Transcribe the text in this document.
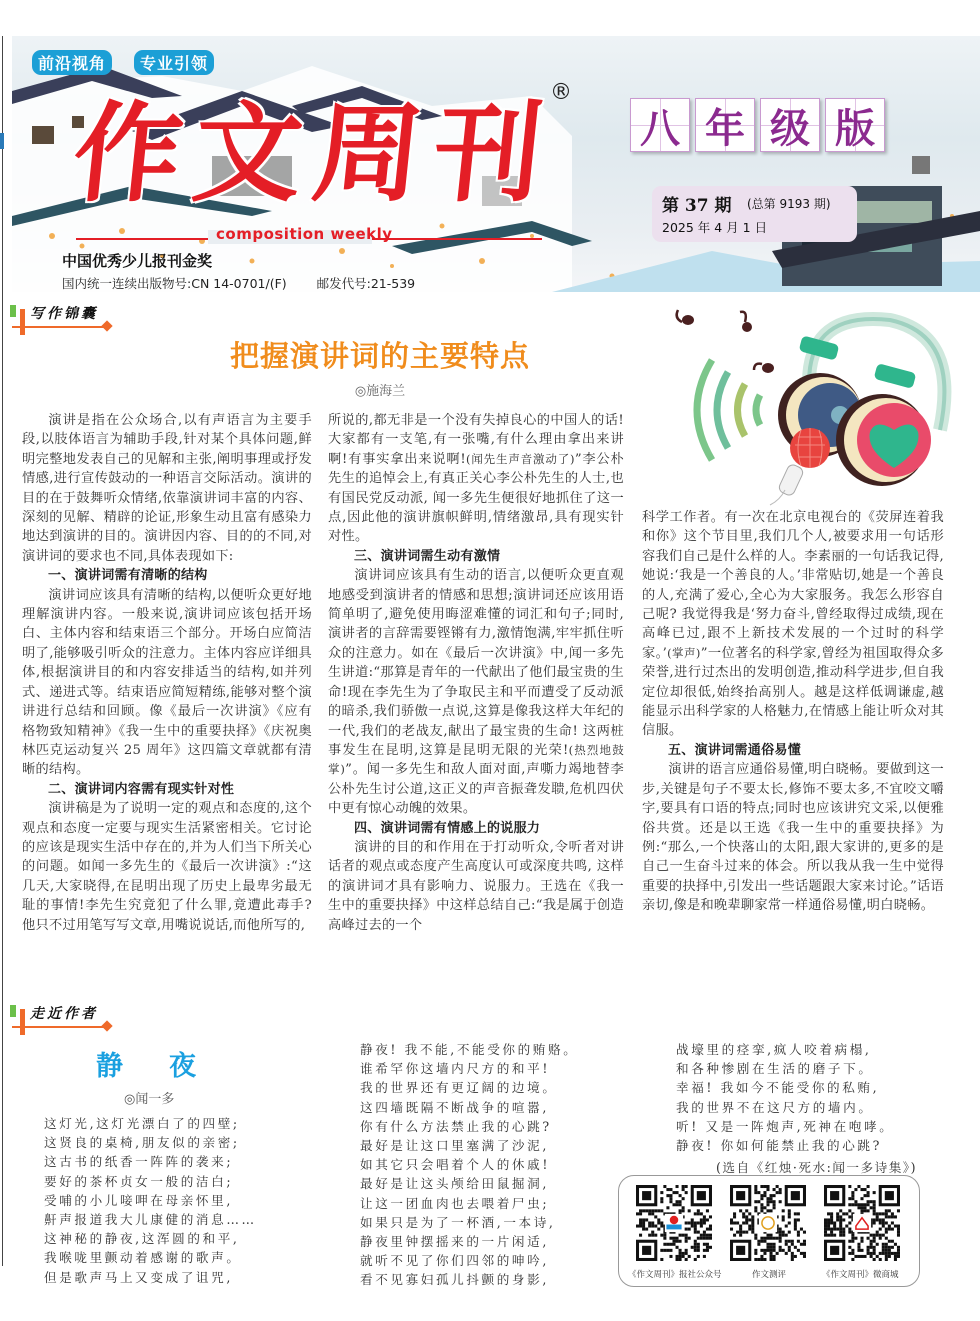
前沿视角	专业引领
作文周刊
®
composition weekly
中国优秀少儿报刊金奖
国内统一连续出版物号:CN 14-0701/(F) 邮发代号:21-539
八 年 级 版
第 37 期 (总第 9193 期)
2025 年 4 月 1 日
写作锦囊
把握演讲词的主要特点
◎施海兰

演讲是指在公众场合,以有声语言为主要手段,以肢体语言为辅助手段,针对某个具体问题,鲜明完整地发表自己的见解和主张,阐明事理或抒发情感,进行宣传鼓动的一种语言交际活动。演讲的目的在于鼓舞听众情绪,依靠演讲词丰富的内容、深刻的见解、精辟的论证,形象生动且富有感染力地达到演讲的目的。演讲因内容、目的的不同,对演讲词的要求也不同,具体表现如下:

一、演讲词需有清晰的结构

演讲词应该具有清晰的结构,以便听众更好地理解演讲内容。一般来说,演讲词应该包括开场白、主体内容和结束语三个部分。开场白应简洁明了,能够吸引听众的注意力。主体内容应详细具体,根据演讲目的和内容安排适当的结构,如并列式、递进式等。结束语应简短精练,能够对整个演讲进行总结和回顾。像《最后一次讲演》《应有格物致知精神》《我一生中的重要抉择》《庆祝奥林匹克运动复兴 25 周年》这四篇文章就都有清晰的结构。

二、演讲词内容需有现实针对性

演讲稿是为了说明一定的观点和态度的,这个观点和态度一定要与现实生活紧密相关。它讨论的应该是现实生活中存在的,并为人们当下所关心的问题。如闻一多先生的《最后一次讲演》:“这几天,大家晓得,在昆明出现了历史上最卑劣最无耻的事情!李先生究竟犯了什么罪,竟遭此毒手? 他只不过用笔写写文章,用嘴说说话,而他所写的,

所说的,都无非是一个没有失掉良心的中国人的话!大家都有一支笔,有一张嘴,有什么理由拿出来讲啊!有事实拿出来说啊!(闻先生声音激动了)”李公朴先生的追悼会上,有真正关心李公朴先生的人士,也有国民党反动派, 闻一多先生便很好地抓住了这一点,因此他的演讲旗帜鲜明,情绪激昂,具有现实针对性。

三、演讲词需生动有激情

演讲词应该具有生动的语言,以便听众更直观地感受到演讲者的情感和思想;演讲词还应该用语简单明了,避免使用晦涩难懂的词汇和句子;同时,演讲者的言辞需要铿锵有力,激情饱满,牢牢抓住听众的注意力。如在《最后一次讲演》中,闻一多先生讲道:“那算是青年的一代献出了他们最宝贵的生命!现在李先生为了争取民主和平而遭受了反动派的暗杀,我们骄傲一点说,这算是像我这样大年纪的一代,我们的老战友,献出了最宝贵的生命! 这两桩事发生在昆明,这算是昆明无限的光荣!(热烈地鼓掌)”。闻一多先生和敌人面对面,声嘶力竭地替李公朴先生讨公道,这正义的声音振聋发聩,危机四伏中更有惊心动魄的效果。

四、演讲词需有情感上的说服力

演讲的目的和作用在于打动听众,令听者对讲话者的观点或态度产生高度认可或深度共鸣, 这样的演讲词才具有影响力、说服力。王选在《我一生中的重要抉择》中这样总结自己:“我是属于创造高峰过去的一个

科学工作者。有一次在北京电视台的《荧屏连着我和你》这个节目里,我们几个人,被要求用一句话形容我们自己是什么样的人。李素丽的一句话我记得,她说:‘我是一个善良的人。’非常贴切,她是一个善良的人,充满了爱心,全心为大家服务。我怎么形容自己呢? 我觉得我是‘努力奋斗,曾经取得过成绩,现在高峰已过,跟不上新技术发展的一个过时的科学家。’(掌声)”一位著名的科学家,曾经为祖国取得众多荣誉,进行过杰出的发明创造,推动科学进步,但自我定位却很低,始终抬高别人。越是这样低调谦虚,越能显示出科学家的人格魅力,在情感上能让听众对其信服。

五、演讲词需通俗易懂

演讲的语言应通俗易懂,明白晓畅。要做到这一步,关键是句子不要太长,修饰不要太多,不宜咬文嚼字,要具有口语的特点;同时也应该讲究文采,以便雅俗共赏。还是以王选《我一生中的重要抉择》为例:“那么,一个快落山的太阳,跟大家讲的,更多的是自己一生奋斗过来的体会。所以我从我一生中觉得重要的抉择中,引发出一些话题跟大家来讨论。”话语亲切,像是和晚辈聊家常一样通俗易懂,明白晓畅。

走近作者
静夜
◎闻一多
这灯光,这灯光漂白了的四壁;
这贤良的桌椅,朋友似的亲密;
这古书的纸香一阵阵的袭来;
要好的茶杯贞女一般的洁白;
受哺的小儿唼呷在母亲怀里,
鼾声报道我大儿康健的消息……
这神秘的静夜,这浑圆的和平,
我喉咙里颤动着感谢的歌声。
但是歌声马上又变成了诅咒,
静夜! 我不能,不能受你的贿赂。
谁希罕你这墙内尺方的和平!
我的世界还有更辽阔的边境。
这四墙既隔不断战争的喧嚣,
你有什么方法禁止我的心跳?
最好是让这口里塞满了沙泥,
如其它只会唱着个人的休戚!
最好是让这头颅给田鼠掘洞,
让这一团血肉也去喂着尸虫;
如果只是为了一杯酒,一本诗,
静夜里钟摆摇来的一片闲适,
就听不见了你们四邻的呻吟,
看不见寡妇孤儿抖颤的身影,
战壕里的痉挛,疯人咬着病榻,
和各种惨剧在生活的磨子下。
幸福! 我如今不能受你的私贿,
我的世界不在这尺方的墙内。
听! 又是一阵炮声,死神在咆哮。
静夜! 你如何能禁止我的心跳?
(选自《红烛·死水:闻一多诗集》)
《作文周刊》报社公众号	作文测评	《作文周刊》微商城
